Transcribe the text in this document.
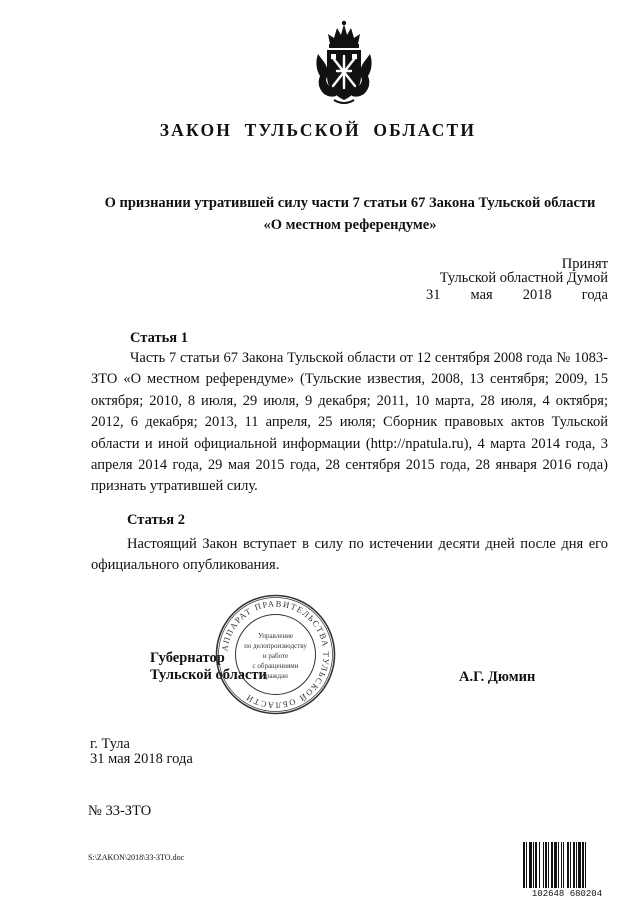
ЗАКОН ТУЛЬСКОЙ ОБЛАСТИ
О признании утратившей силу части 7 статьи 67 Закона Тульской области
«О местном референдуме»
Принят
Тульской областной Думой
31 мая 2018 года
Статья 1

Часть 7 статьи 67 Закона Тульской области от 12 сентября 2008 года № 1083-ЗТО «О местном референдуме» (Тульские известия, 2008, 13 сентября; 2009, 15 октября; 2010, 8 июля, 29 июля, 9 декабря; 2011, 10 марта, 28 июля, 4 октября; 2012, 6 декабря; 2013, 11 апреля, 25 июля; Сборник правовых актов Тульской области и иной официальной информации (http://npatula.ru), 4 марта 2014 года, 3 апреля 2014 года, 29 мая 2015 года, 28 сентября 2015 года, 28 января 2016 года) признать утратившей силу.

Статья 2

Настоящий Закон вступает в силу по истечении десяти дней после дня его официального опубликования.

Губернатор
Тульской области	А.Г. Дюмин
АППАРАТ ПРАВИТЕЛЬСТВА ТУЛЬСКОЙ ОБЛАСТИ
Управление
по делопроизводству
и работе
с обращениями
граждан
г. Тула
31 мая 2018 года
№ 33-ЗТО
S:\ZAKON\2018\33-ЗТО.doc
102648 680204
